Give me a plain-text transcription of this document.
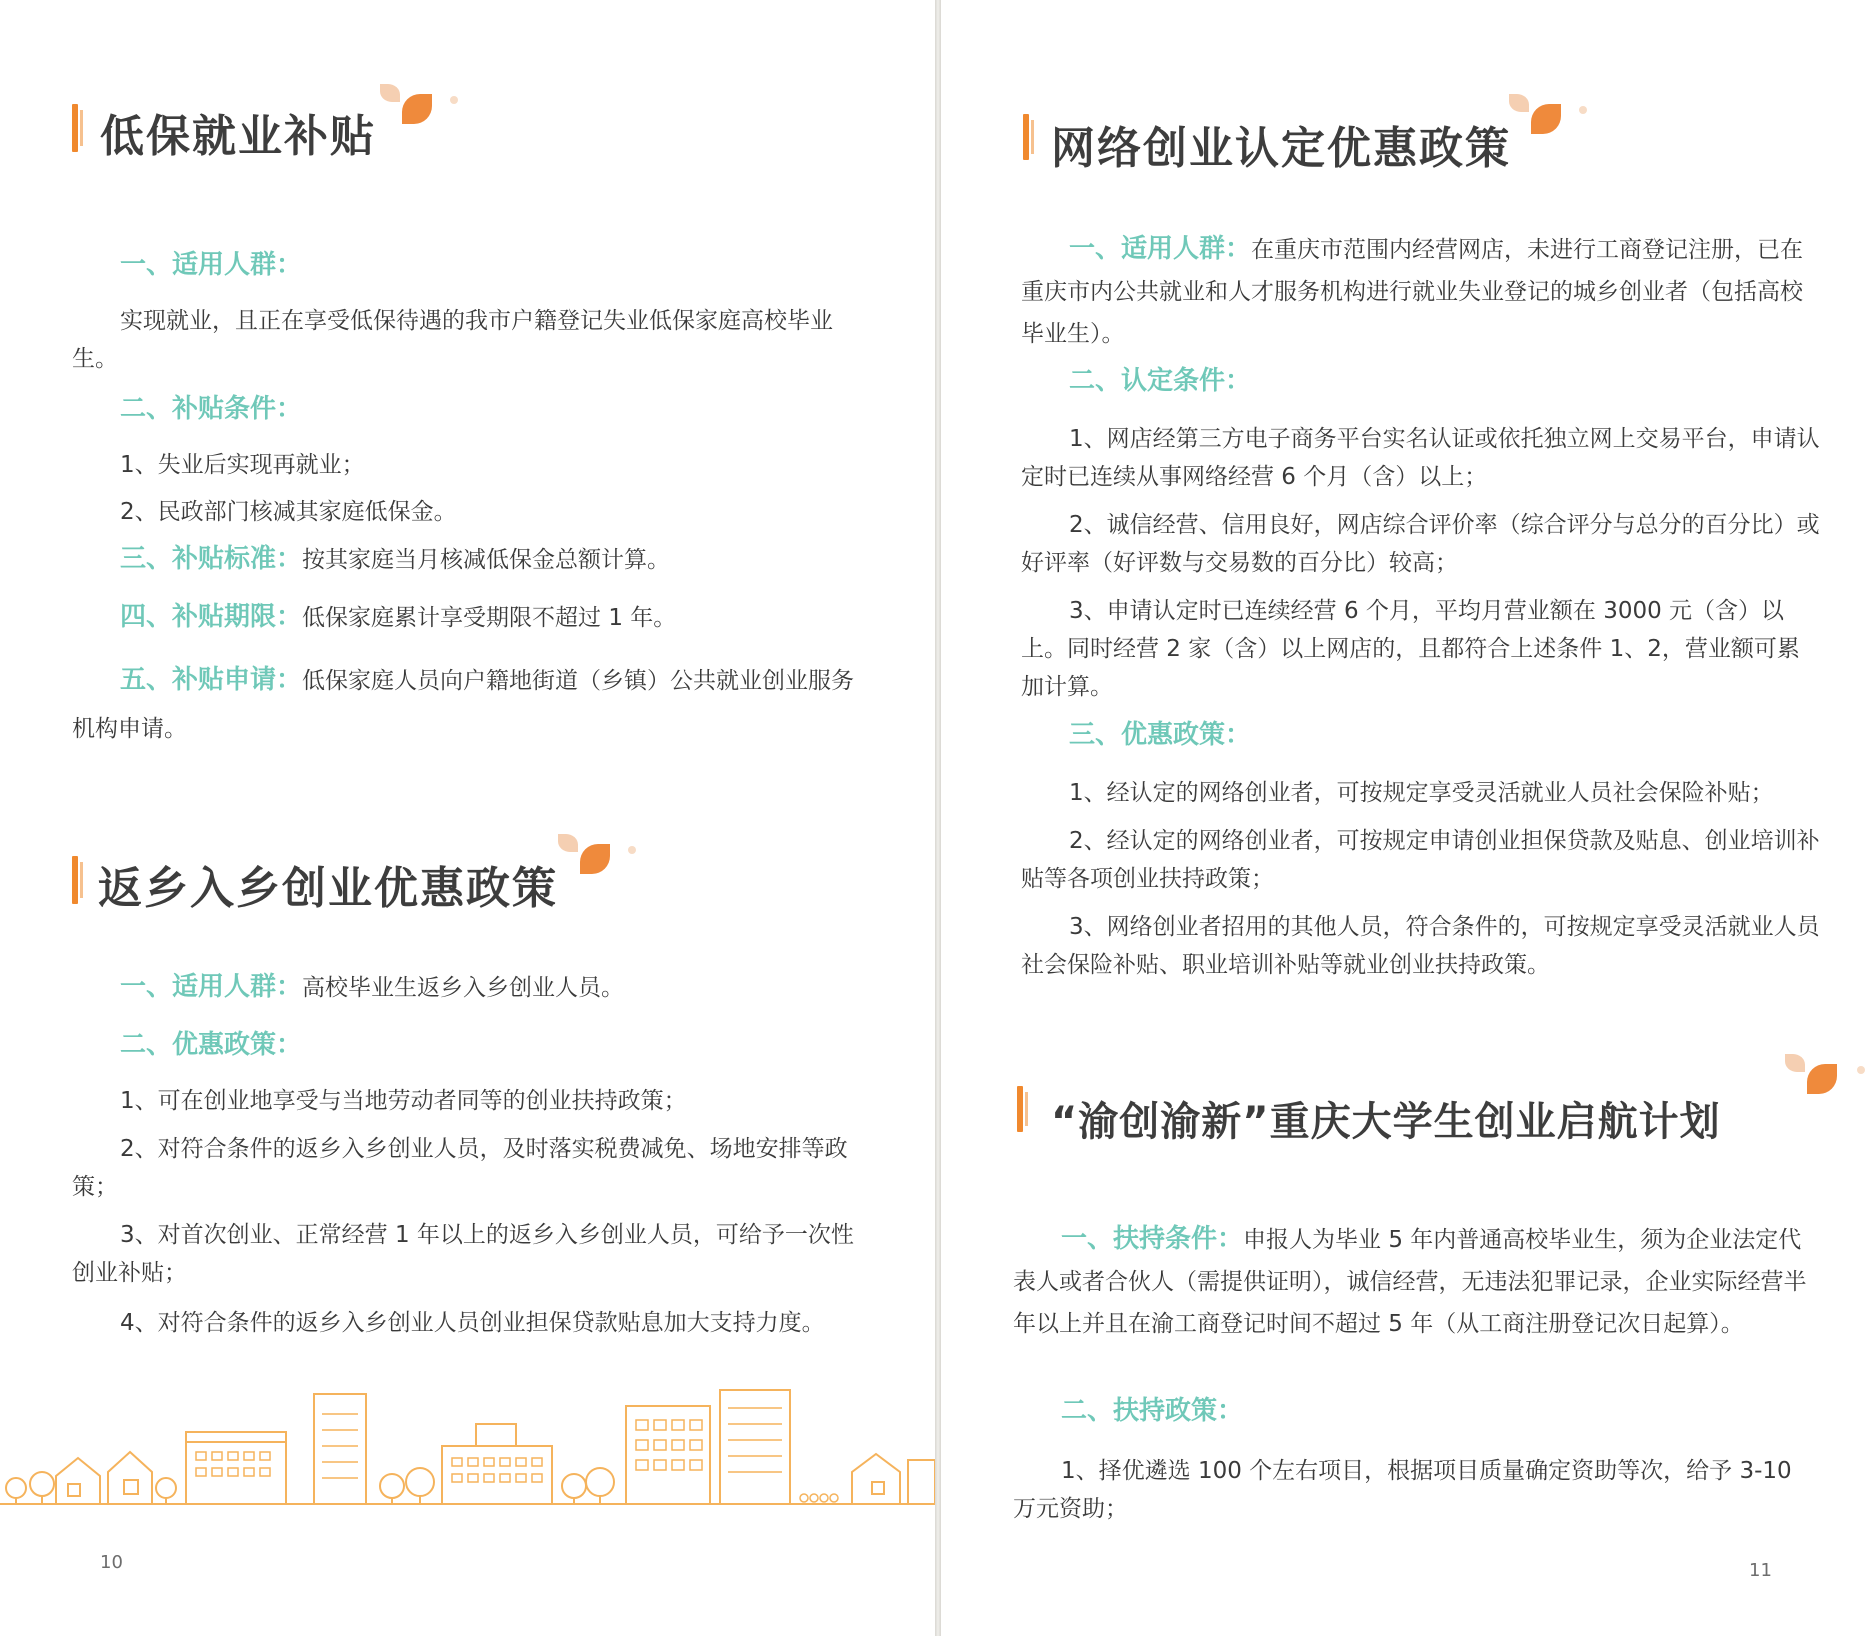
低保就业补贴

一、适用人群：

实现就业，且正在享受低保待遇的我市户籍登记失业低保家庭高校毕业生。

二、补贴条件：

1、失业后实现再就业；

2、民政部门核减其家庭低保金。

三、补贴标准：按其家庭当月核减低保金总额计算。

四、补贴期限：低保家庭累计享受期限不超过 1 年。

五、补贴申请：低保家庭人员向户籍地街道（乡镇）公共就业创业服务机构申请。

返乡入乡创业优惠政策

一、适用人群：高校毕业生返乡入乡创业人员。

二、优惠政策：

1、可在创业地享受与当地劳动者同等的创业扶持政策；

2、对符合条件的返乡入乡创业人员，及时落实税费减免、场地安排等政策；

3、对首次创业、正常经营 1 年以上的返乡入乡创业人员，可给予一次性创业补贴；

4、对符合条件的返乡入乡创业人员创业担保贷款贴息加大支持力度。

10
网络创业认定优惠政策

一、适用人群：在重庆市范围内经营网店，未进行工商登记注册，已在重庆市内公共就业和人才服务机构进行就业失业登记的城乡创业者（包括高校毕业生）。

二、认定条件：

1、网店经第三方电子商务平台实名认证或依托独立网上交易平台，申请认定时已连续从事网络经营 6 个月（含）以上；

2、诚信经营、信用良好，网店综合评价率（综合评分与总分的百分比）或好评率（好评数与交易数的百分比）较高；

3、申请认定时已连续经营 6 个月，平均月营业额在 3000 元（含）以上。同时经营 2 家（含）以上网店的，且都符合上述条件 1、2，营业额可累加计算。

三、优惠政策：

1、经认定的网络创业者，可按规定享受灵活就业人员社会保险补贴；

2、经认定的网络创业者，可按规定申请创业担保贷款及贴息、创业培训补贴等各项创业扶持政策；

3、网络创业者招用的其他人员，符合条件的，可按规定享受灵活就业人员社会保险补贴、职业培训补贴等就业创业扶持政策。

“渝创渝新”重庆大学生创业启航计划

一、扶持条件：申报人为毕业 5 年内普通高校毕业生，须为企业法定代表人或者合伙人（需提供证明），诚信经营，无违法犯罪记录，企业实际经营半年以上并且在渝工商登记时间不超过 5 年（从工商注册登记次日起算）。

二、扶持政策：

1、择优遴选 100 个左右项目，根据项目质量确定资助等次，给予 3-10 万元资助；

11
